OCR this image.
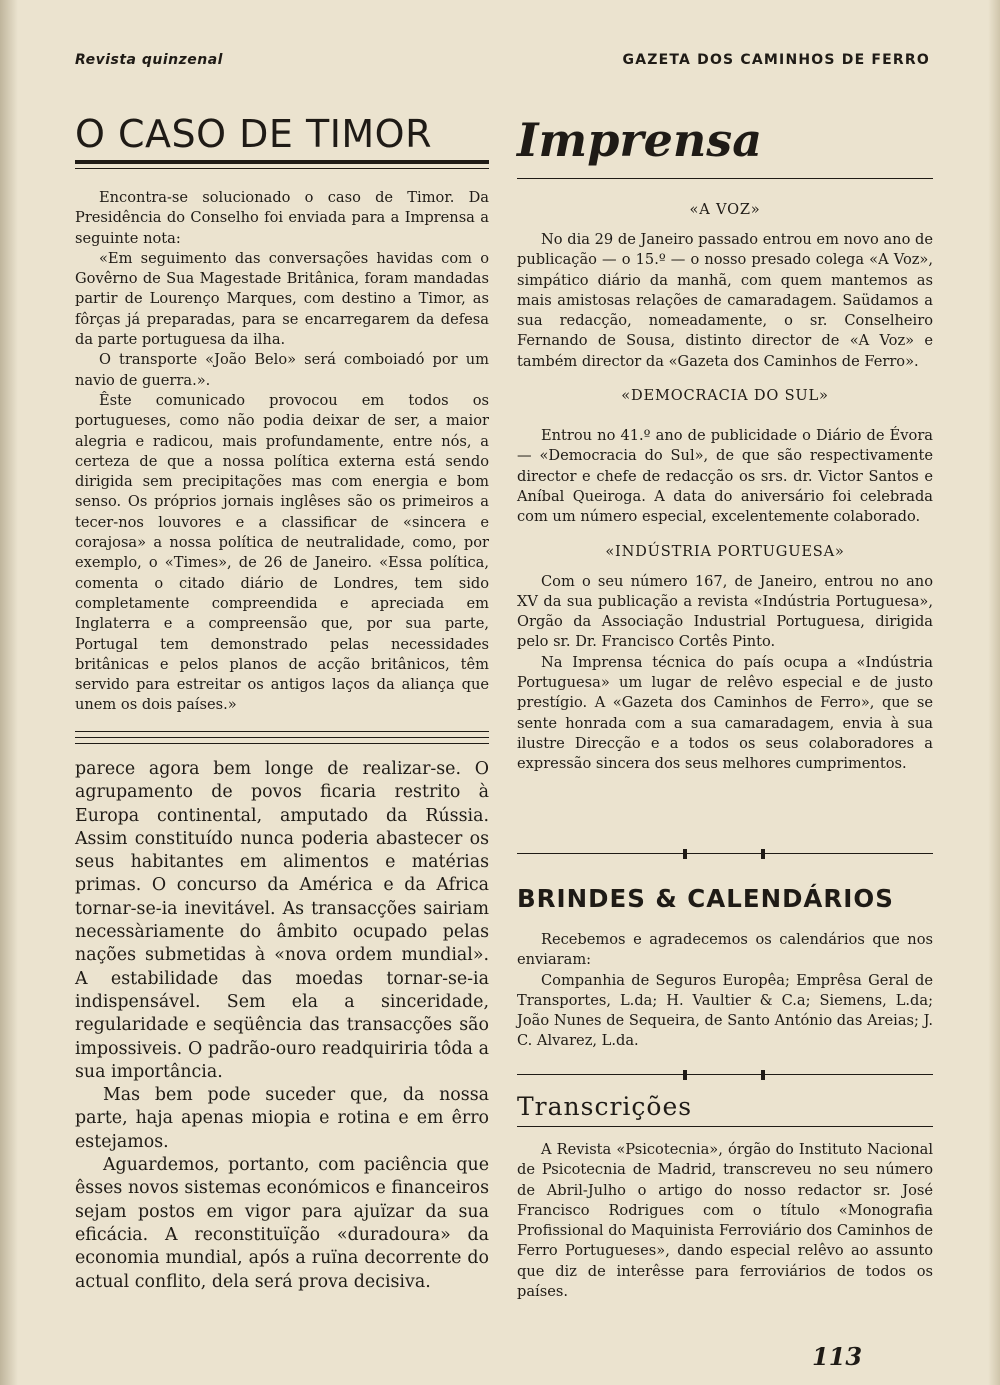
Revista quinzenal	GAZETA DOS CAMINHOS DE FERRO
O CASO DE TIMOR

Encontra-se solucionado o caso de Timor. Da Presidência do Conselho foi enviada para a Imprensa a seguinte nota:

«Em seguimento das conversações havidas com o Govêrno de Sua Magestade Britânica, foram mandadas partir de Lourenço Marques, com destino a Timor, as fôrças já preparadas, para se encarregarem da defesa da parte portuguesa da ilha.

O transporte «João Belo» será comboiadó por um navio de guerra.».

Êste comunicado provocou em todos os portugueses, como não podia deixar de ser, a maior alegria e radicou, mais profundamente, entre nós, a certeza de que a nossa política externa está sendo dirigida sem precipitações mas com energia e bom senso. Os próprios jornais inglêses são os primeiros a tecer-nos louvores e a classificar de «sincera e corajosa» a nossa política de neutralidade, como, por exemplo, o «Times», de 26 de Janeiro. «Essa política, comenta o citado diário de Londres, tem sido completamente compreendida e apreciada em Inglaterra e a compreensão que, por sua parte, Portugal tem demonstrado pelas necessidades britânicas e pelos planos de acção britânicos, têm servido para estreitar os antigos laços da aliança que unem os dois países.»

parece agora bem longe de realizar-se. O agrupamento de povos ficaria restrito à Europa continental, amputado da Rússia. Assim constituído nunca poderia abastecer os seus habitantes em alimentos e matérias primas. O concurso da América e da Africa tornar-se-ia inevitável. As transacções sairiam necessàriamente do âmbito ocupado pelas nações submetidas à «nova ordem mundial». A estabilidade das moedas tornar-se-ia indispensável. Sem ela a sinceridade, regularidade e seqüência das transacções são impossiveis. O padrão-ouro readquiriria tôda a sua importância.

Mas bem pode suceder que, da nossa parte, haja apenas miopia e rotina e em êrro estejamos.

Aguardemos, portanto, com paciência que êsses novos sistemas económicos e financeiros sejam postos em vigor para ajuïzar da sua eficácia. A reconstituïção «duradoura» da economia mundial, após a ruïna decorrente do actual conflito, dela será prova decisiva.

Imprensa

«A VOZ»

No dia 29 de Janeiro passado entrou em novo ano de publicação — o 15.º — o nosso presado colega «A Voz», simpático diário da manhã, com quem mantemos as mais amistosas relações de camaradagem. Saüdamos a sua redacção, nomeadamente, o sr. Conselheiro Fernando de Sousa, distinto director de «A Voz» e também director da «Gazeta dos Caminhos de Ferro».

«DEMOCRACIA DO SUL»

Entrou no 41.º ano de publicidade o Diário de Évora — «Democracia do Sul», de que são respectivamente director e chefe de redacção os srs. dr. Victor Santos e Aníbal Queiroga. A data do aniversário foi celebrada com um número especial, excelentemente colaborado.

«INDÚSTRIA PORTUGUESA»

Com o seu número 167, de Janeiro, entrou no ano XV da sua publicação a revista «Indústria Portuguesa», Orgão da Associação Industrial Portuguesa, dirigida pelo sr. Dr. Francisco Cortês Pinto.

Na Imprensa técnica do país ocupa a «Indústria Portuguesa» um lugar de relêvo especial e de justo prestígio. A «Gazeta dos Caminhos de Ferro», que se sente honrada com a sua camaradagem, envia à sua ilustre Direcção e a todos os seus colaboradores a expressão sincera dos seus melhores cumprimentos.

BRINDES & CALENDÁRIOS

Recebemos e agradecemos os calendários que nos enviaram:

Companhia de Seguros Europêa; Emprêsa Geral de Transportes, L.da; H. Vaultier & C.a; Siemens, L.da; João Nunes de Sequeira, de Santo António das Areias; J. C. Alvarez, L.da.

Transcrições

A Revista «Psicotecnia», órgão do Instituto Nacional de Psicotecnia de Madrid, transcreveu no seu número de Abril-Julho o artigo do nosso redactor sr. José Francisco Rodrigues com o título «Monografia Profissional do Maquinista Ferroviário dos Caminhos de Ferro Portugueses», dando especial relêvo ao assunto que diz de interêsse para ferroviários de todos os países.

113
